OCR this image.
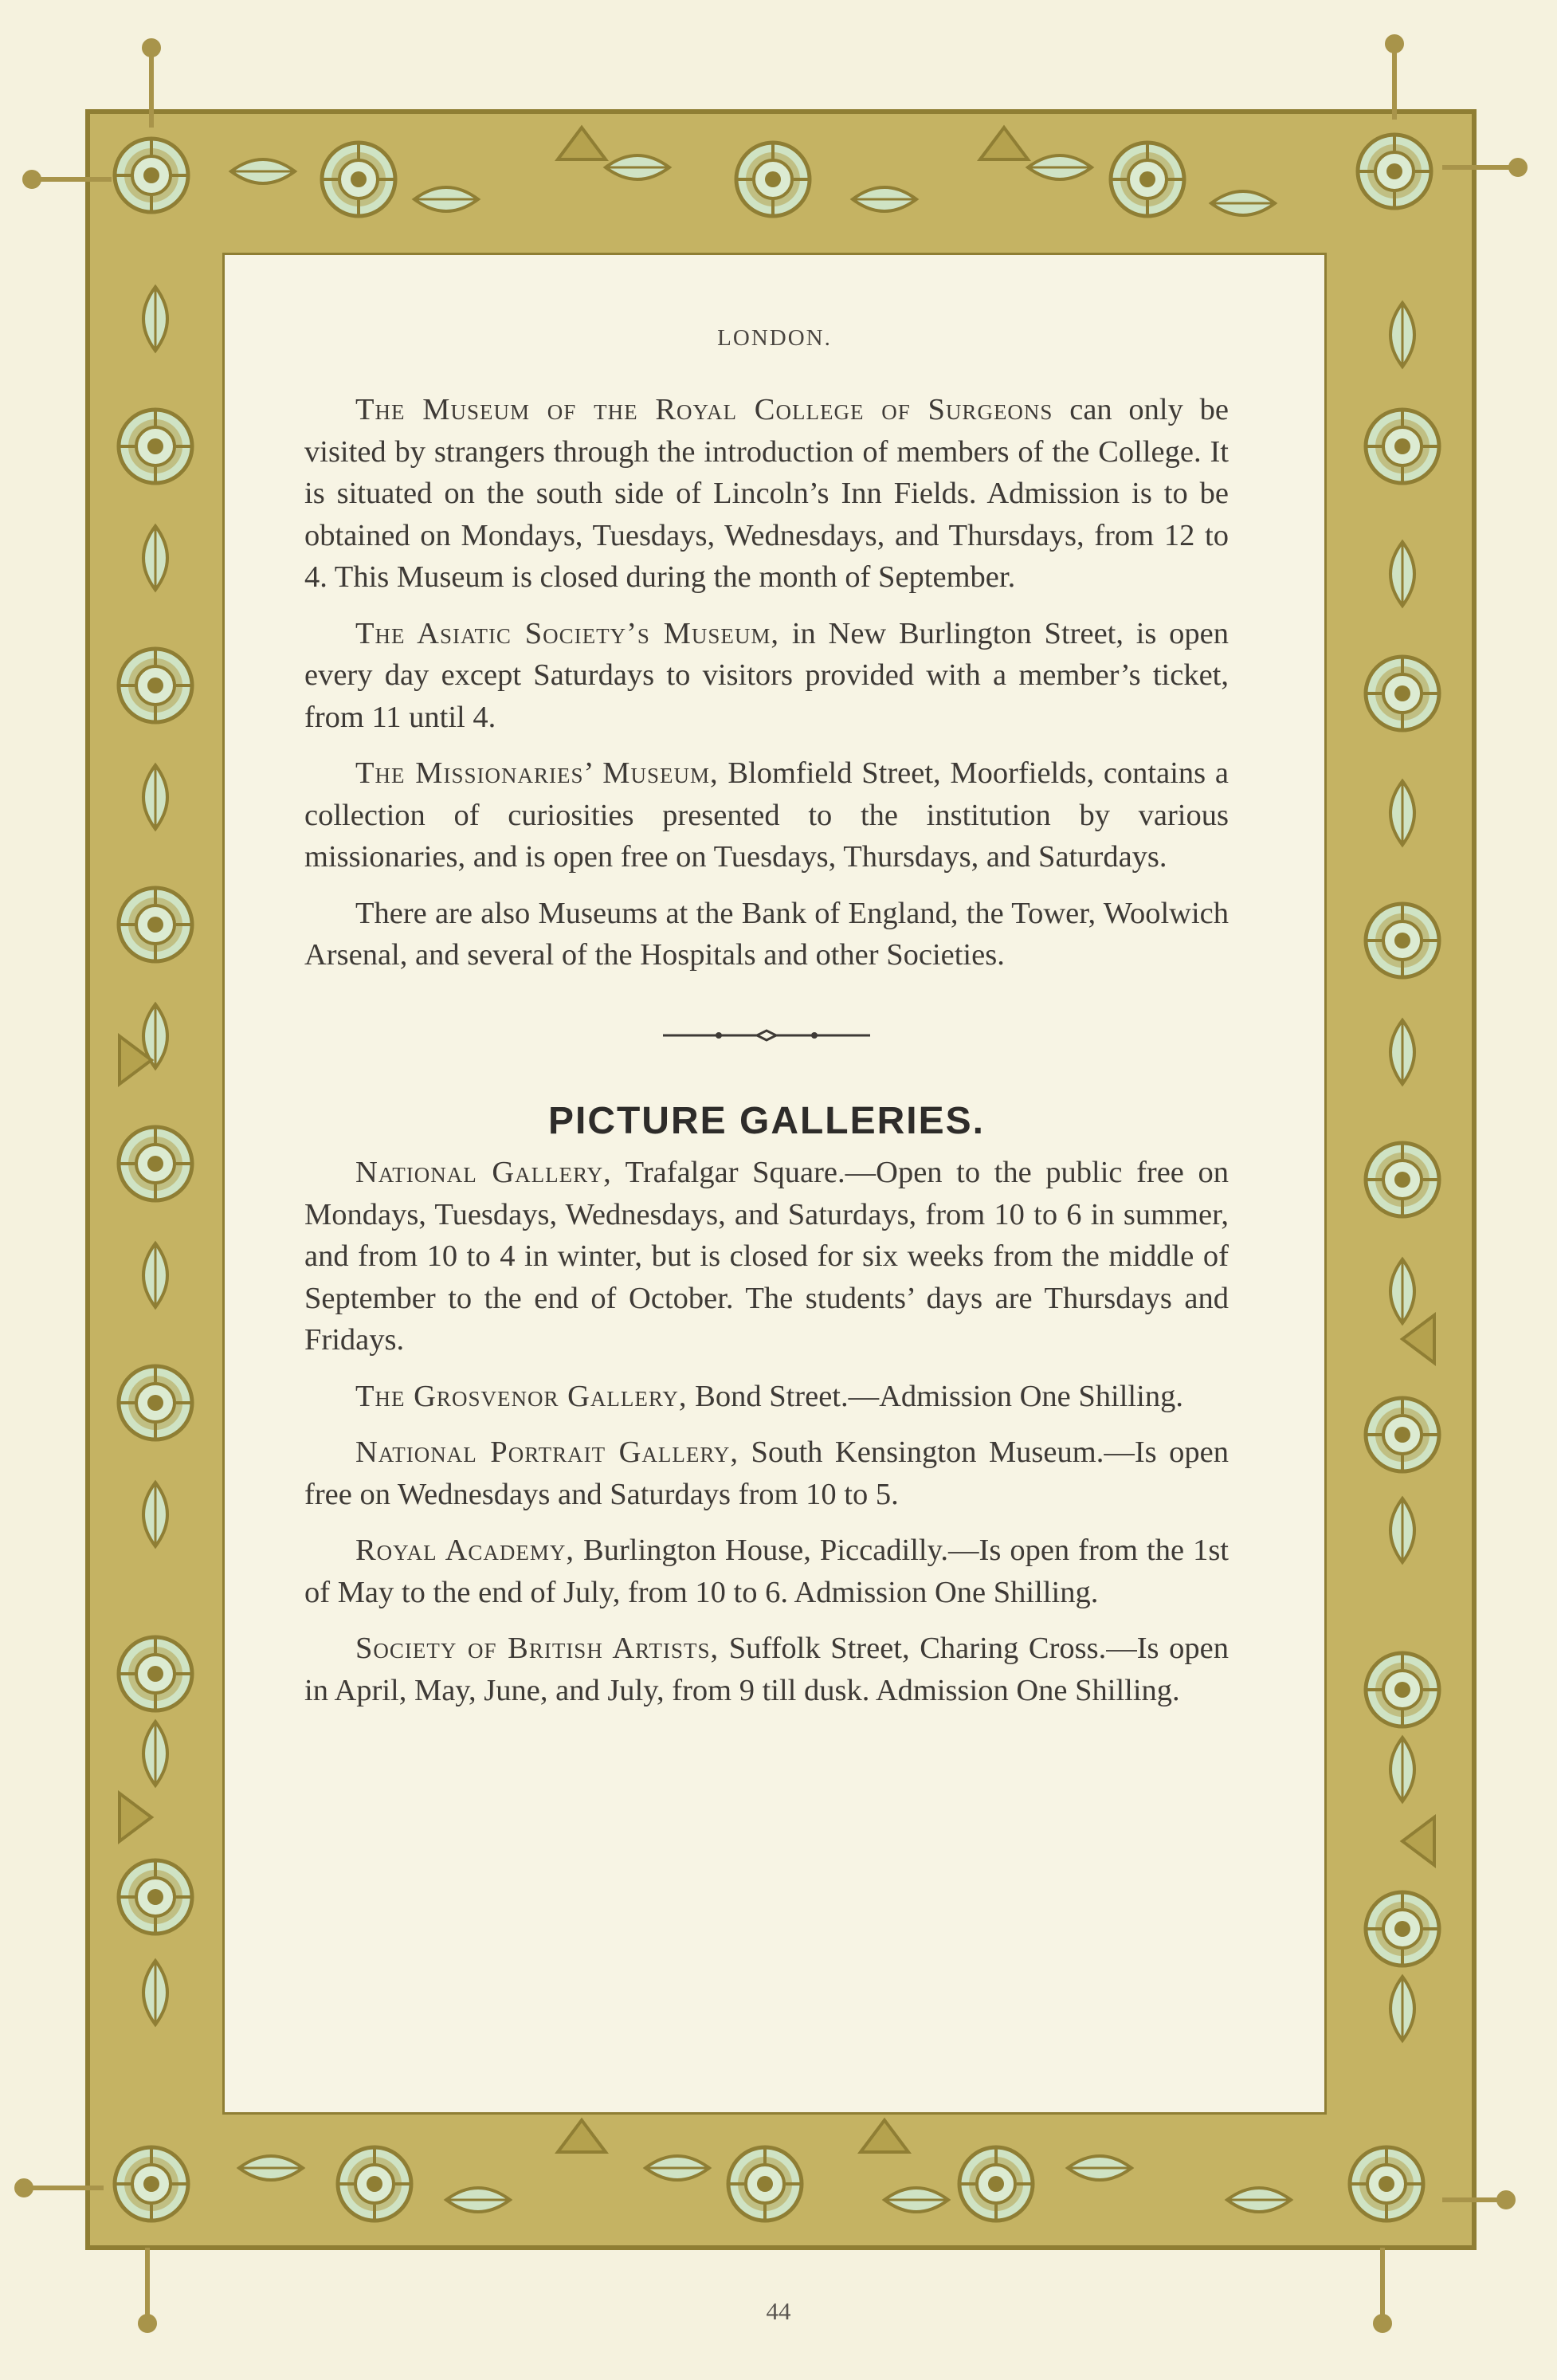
LONDON.

The Museum of the Royal College of Surgeons can only be visited by strangers through the introduction of members of the College. It is situated on the south side of Lincoln’s Inn Fields. Admission is to be obtained on Mondays, Tuesdays, Wednesdays, and Thursdays, from 12 to 4. This Museum is closed during the month of September.

The Asiatic Society’s Museum, in New Burlington Street, is open every day except Saturdays to visitors provided with a member’s ticket, from 11 until 4.

The Missionaries’ Museum, Blomfield Street, Moorfields, contains a collection of curiosities presented to the institution by various missionaries, and is open free on Tuesdays, Thursdays, and Saturdays.

There are also Museums at the Bank of England, the Tower, Woolwich Arsenal, and several of the Hospitals and other Societies.

PICTURE GALLERIES.

National Gallery, Trafalgar Square.—Open to the public free on Mondays, Tuesdays, Wednesdays, and Saturdays, from 10 to 6 in summer, and from 10 to 4 in winter, but is closed for six weeks from the middle of September to the end of October. The students’ days are Thursdays and Fridays.

The Grosvenor Gallery, Bond Street.—Admission One Shilling.

National Portrait Gallery, South Kensington Museum.—Is open free on Wednesdays and Saturdays from 10 to 5.

Royal Academy, Burlington House, Piccadilly.—Is open from the 1st of May to the end of July, from 10 to 6. Admission One Shilling.

Society of British Artists, Suffolk Street, Charing Cross.—Is open in April, May, June, and July, from 9 till dusk. Admission One Shilling.

44
